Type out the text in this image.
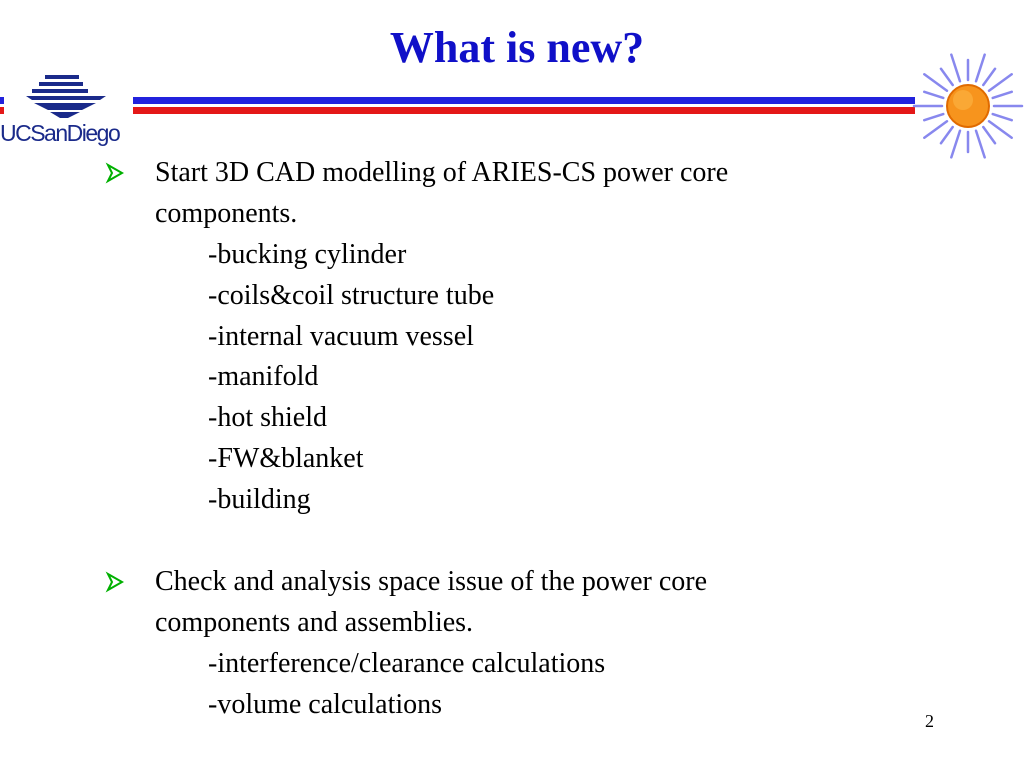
What is new?
UCSanDiego
Start 3D CAD modelling of ARIES-CS power core
components.
-bucking cylinder
-coils&coil structure tube
-internal vacuum vessel
-manifold
-hot shield
-FW&blanket
-building
Check and analysis space issue of the power core
components and assemblies.
-interference/clearance calculations
-volume calculations
2
